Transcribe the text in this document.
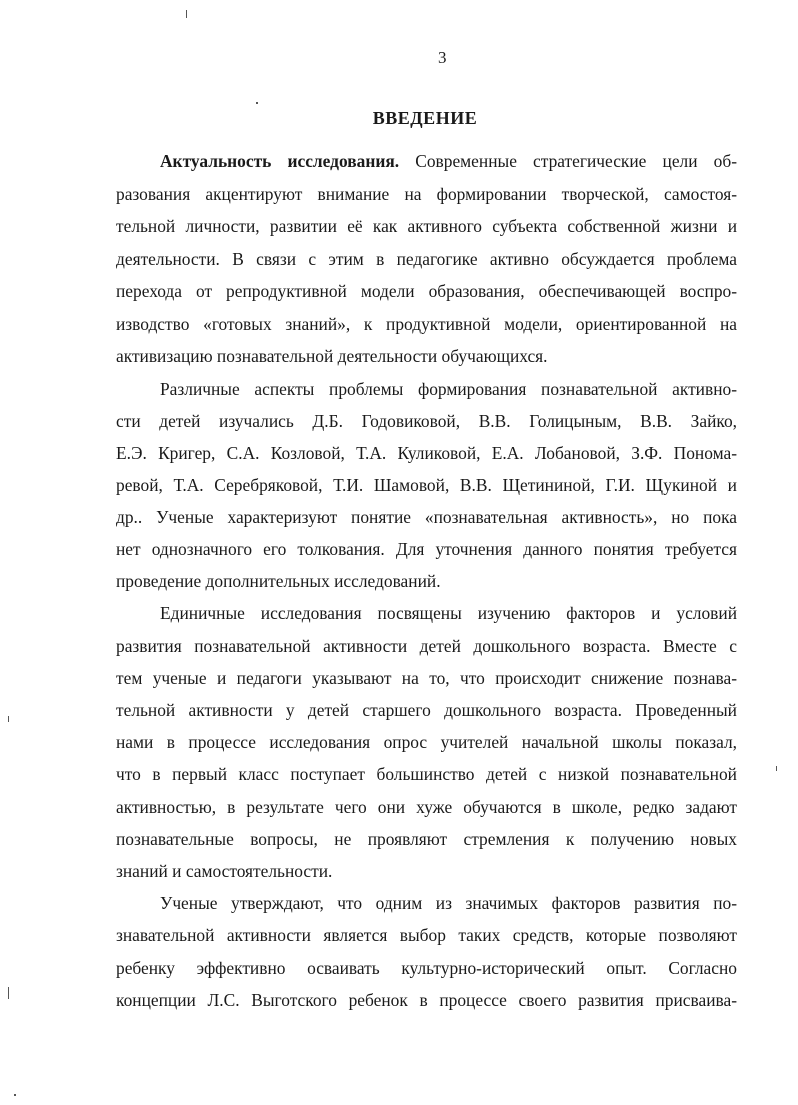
3
ВВЕДЕНИЕ
Актуальность исследования. Современные стратегические цели об-
разования акцентируют внимание на формировании творческой, самостоя-
тельной личности, развитии её как активного субъекта собственной жизни и
деятельности. В связи с этим в педагогике активно обсуждается проблема
перехода от репродуктивной модели образования, обеспечивающей воспро-
изводство «готовых знаний», к продуктивной модели, ориентированной на
активизацию познавательной деятельности обучающихся.
Различные аспекты проблемы формирования познавательной активно-
сти детей изучались Д.Б. Годовиковой, В.В. Голицыным, В.В. Зайко,
Е.Э. Кригер, С.А. Козловой, Т.А. Куликовой, Е.А. Лобановой, З.Ф. Понома-
ревой, Т.А. Серебряковой, Т.И. Шамовой, В.В. Щетининой, Г.И. Щукиной и
др.. Ученые характеризуют понятие «познавательная активность», но пока
нет однозначного его толкования. Для уточнения данного понятия требуется
проведение дополнительных исследований.
Единичные исследования посвящены изучению факторов и условий
развития познавательной активности детей дошкольного возраста. Вместе с
тем ученые и педагоги указывают на то, что происходит снижение познава-
тельной активности у детей старшего дошкольного возраста. Проведенный
нами в процессе исследования опрос учителей начальной школы показал,
что в первый класс поступает большинство детей с низкой познавательной
активностью, в результате чего они хуже обучаются в школе, редко задают
познавательные вопросы, не проявляют стремления к получению новых
знаний и самостоятельности.
Ученые утверждают, что одним из значимых факторов развития по-
знавательной активности является выбор таких средств, которые позволяют
ребенку эффективно осваивать культурно-исторический опыт. Согласно
концепции Л.С. Выготского ребенок в процессе своего развития присваива-
